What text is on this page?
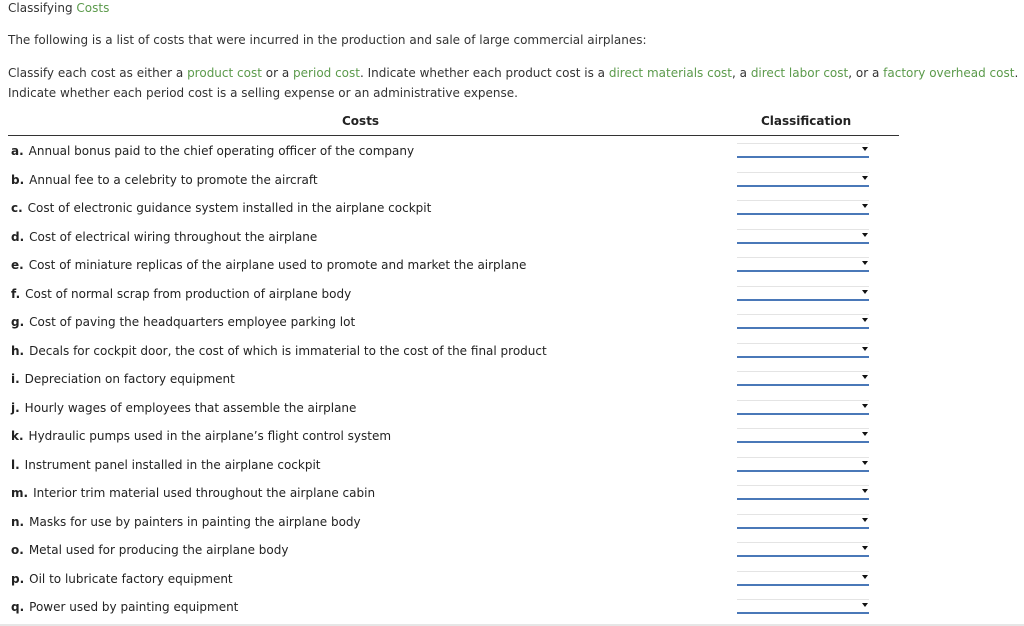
Classifying Costs
The following is a list of costs that were incurred in the production and sale of large commercial airplanes:
Classify each cost as either a product cost or a period cost. Indicate whether each product cost is a direct materials cost, a direct labor cost, or a factory overhead cost.
Indicate whether each period cost is a selling expense or an administrative expense.
Costs	Classification
a. Annual bonus paid to the chief operating officer of the company
b. Annual fee to a celebrity to promote the aircraft
c. Cost of electronic guidance system installed in the airplane cockpit
d. Cost of electrical wiring throughout the airplane
e. Cost of miniature replicas of the airplane used to promote and market the airplane
f. Cost of normal scrap from production of airplane body
g. Cost of paving the headquarters employee parking lot
h. Decals for cockpit door, the cost of which is immaterial to the cost of the final product
i. Depreciation on factory equipment
j. Hourly wages of employees that assemble the airplane
k. Hydraulic pumps used in the airplane’s flight control system
l. Instrument panel installed in the airplane cockpit
m. Interior trim material used throughout the airplane cabin
n. Masks for use by painters in painting the airplane body
o. Metal used for producing the airplane body
p. Oil to lubricate factory equipment
q. Power used by painting equipment
